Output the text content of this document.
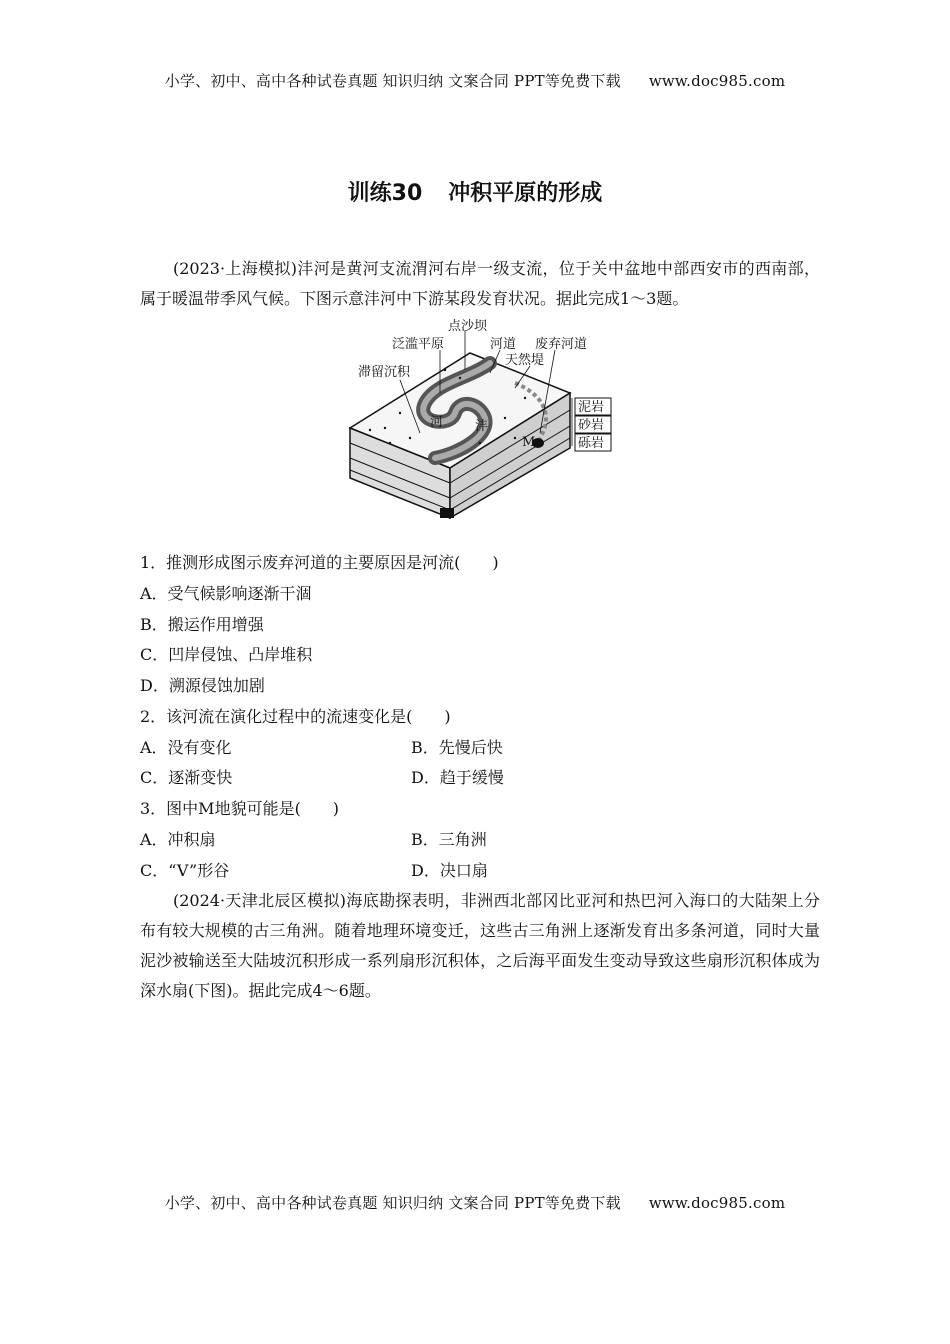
小学、初中、高中各种试卷真题 知识归纳 文案合同 PPT等免费下载 www.doc985.com
训练30 冲积平原的形成
(2023·上海模拟)沣河是黄河支流渭河右岸一级支流，位于关中盆地中部西安市的西南部，属于暖温带季风气候。下图示意沣河中下游某段发育状况。据此完成1～3题。
点沙坝
泛滥平原	河道 废弃河道
天然堤
滞留沉积
泥岩
砂岩
砾岩
河 沣
M
1．推测形成图示废弃河道的主要原因是河流(　　)
A．受气候影响逐渐干涸
B．搬运作用增强
C．凹岸侵蚀、凸岸堆积
D．溯源侵蚀加剧
2．该河流在演化过程中的流速变化是(　　)
A．没有变化	B．先慢后快
C．逐渐变快	D．趋于缓慢
3．图中M地貌可能是(　　)
A．冲积扇	B．三角洲
C．“V”形谷	D．决口扇
(2024·天津北辰区模拟)海底勘探表明，非洲西北部冈比亚河和热巴河入海口的大陆架上分布有较大规模的古三角洲。随着地理环境变迁，这些古三角洲上逐渐发育出多条河道，同时大量泥沙被输送至大陆坡沉积形成一系列扇形沉积体，之后海平面发生变动导致这些扇形沉积体成为深水扇(下图)。据此完成4～6题。
小学、初中、高中各种试卷真题 知识归纳 文案合同 PPT等免费下载 www.doc985.com
